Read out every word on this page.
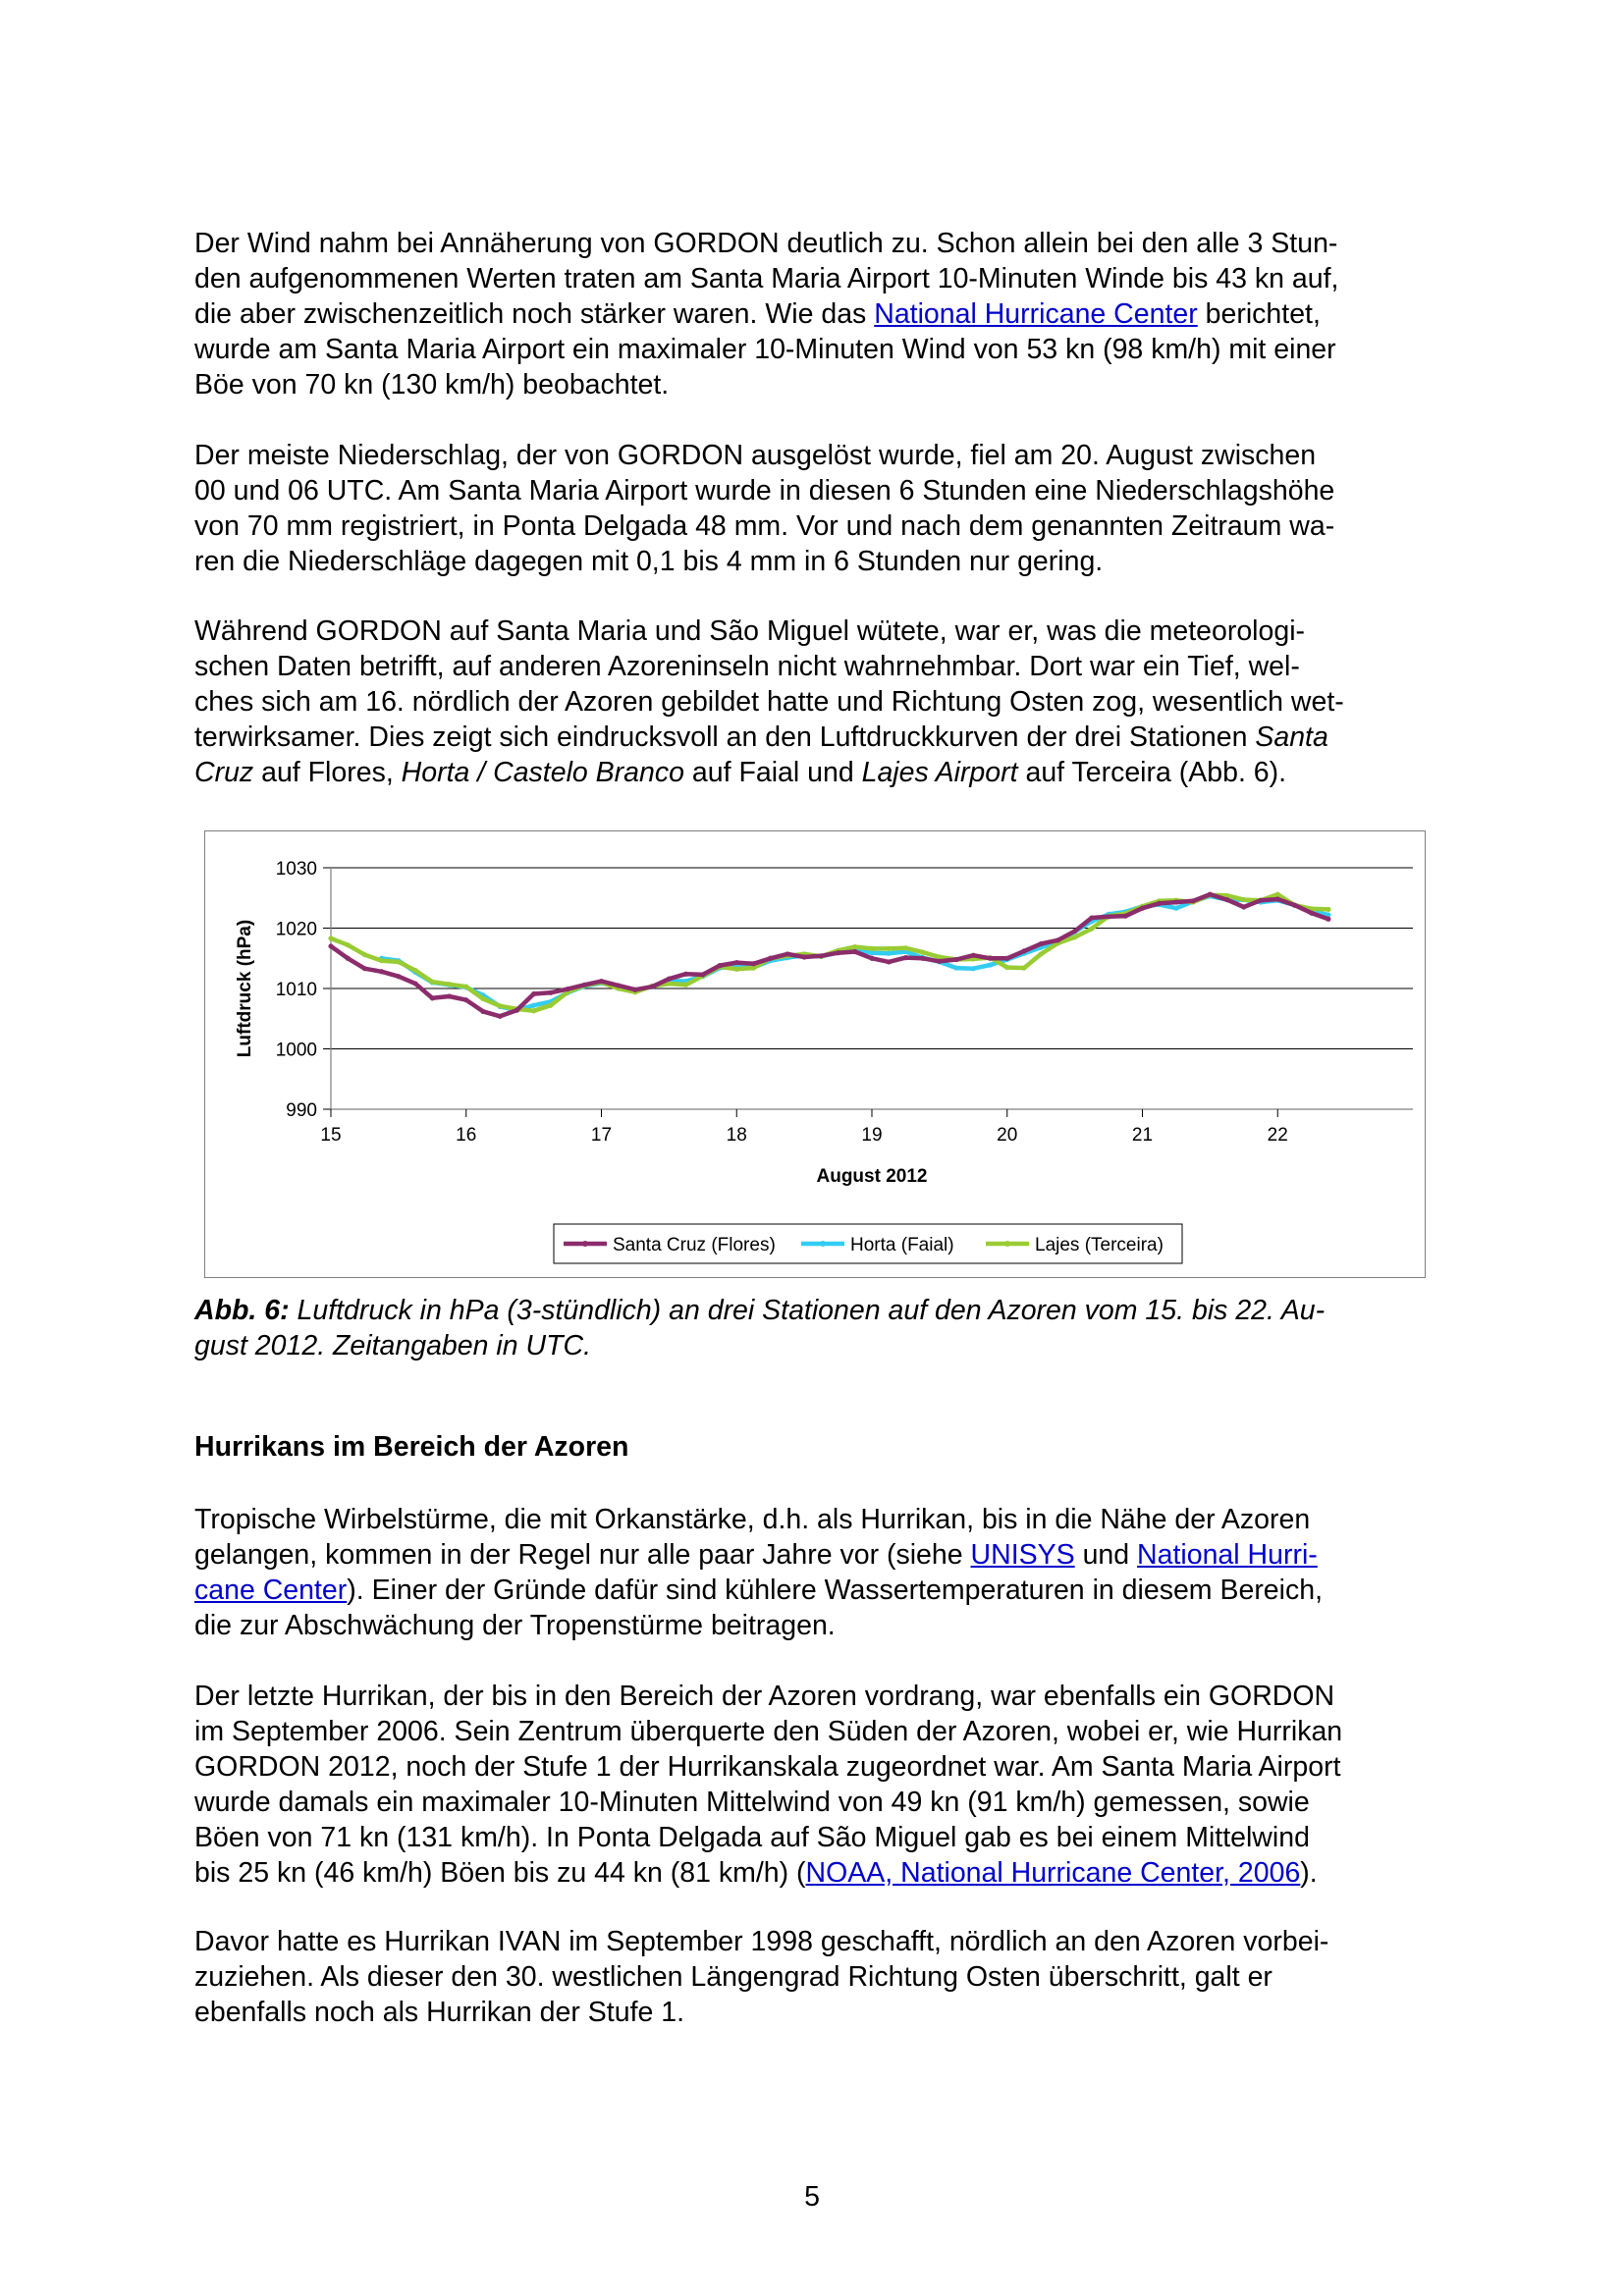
Der Wind nahm bei Annäherung von GORDON deutlich zu. Schon allein bei den alle 3 Stun-
den aufgenommenen Werten traten am Santa Maria Airport 10-Minuten Winde bis 43 kn auf,
die aber zwischenzeitlich noch stärker waren. Wie das National Hurricane Center berichtet,
wurde am Santa Maria Airport ein maximaler 10-Minuten Wind von 53 kn (98 km/h) mit einer
Böe von 70 kn (130 km/h) beobachtet.
Der meiste Niederschlag, der von GORDON ausgelöst wurde, fiel am 20. August zwischen
00 und 06 UTC. Am Santa Maria Airport wurde in diesen 6 Stunden eine Niederschlagshöhe
von 70 mm registriert, in Ponta Delgada 48 mm. Vor und nach dem genannten Zeitraum wa-
ren die Niederschläge dagegen mit 0,1 bis 4 mm in 6 Stunden nur gering.
Während GORDON auf Santa Maria und São Miguel wütete, war er, was die meteorologi-
schen Daten betrifft, auf anderen Azoreninseln nicht wahrnehmbar. Dort war ein Tief, wel-
ches sich am 16. nördlich der Azoren gebildet hatte und Richtung Osten zog, wesentlich wet-
terwirksamer. Dies zeigt sich eindrucksvoll an den Luftdruckkurven der drei Stationen Santa
Cruz auf Flores, Horta / Castelo Branco auf Faial und Lajes Airport auf Terceira (Abb. 6).
1030
1020
1010
1000
990
15	16	17	18	19	20	21	22
August 2012
Luftdruck (hPa)
Santa Cruz (Flores)	Horta (Faial)	Lajes (Terceira)
Abb. 6: Luftdruck in hPa (3-stündlich) an drei Stationen auf den Azoren vom 15. bis 22. Au-
gust 2012. Zeitangaben in UTC.
Hurrikans im Bereich der Azoren
Tropische Wirbelstürme, die mit Orkanstärke, d.h. als Hurrikan, bis in die Nähe der Azoren
gelangen, kommen in der Regel nur alle paar Jahre vor (siehe UNISYS und National Hurri-
cane Center). Einer der Gründe dafür sind kühlere Wassertemperaturen in diesem Bereich,
die zur Abschwächung der Tropenstürme beitragen.
Der letzte Hurrikan, der bis in den Bereich der Azoren vordrang, war ebenfalls ein GORDON
im September 2006. Sein Zentrum überquerte den Süden der Azoren, wobei er, wie Hurrikan
GORDON 2012, noch der Stufe 1 der Hurrikanskala zugeordnet war. Am Santa Maria Airport
wurde damals ein maximaler 10-Minuten Mittelwind von 49 kn (91 km/h) gemessen, sowie
Böen von 71 kn (131 km/h). In Ponta Delgada auf São Miguel gab es bei einem Mittelwind
bis 25 kn (46 km/h) Böen bis zu 44 kn (81 km/h) (NOAA, National Hurricane Center, 2006).
Davor hatte es Hurrikan IVAN im September 1998 geschafft, nördlich an den Azoren vorbei-
zuziehen. Als dieser den 30. westlichen Längengrad Richtung Osten überschritt, galt er
ebenfalls noch als Hurrikan der Stufe 1.
5
